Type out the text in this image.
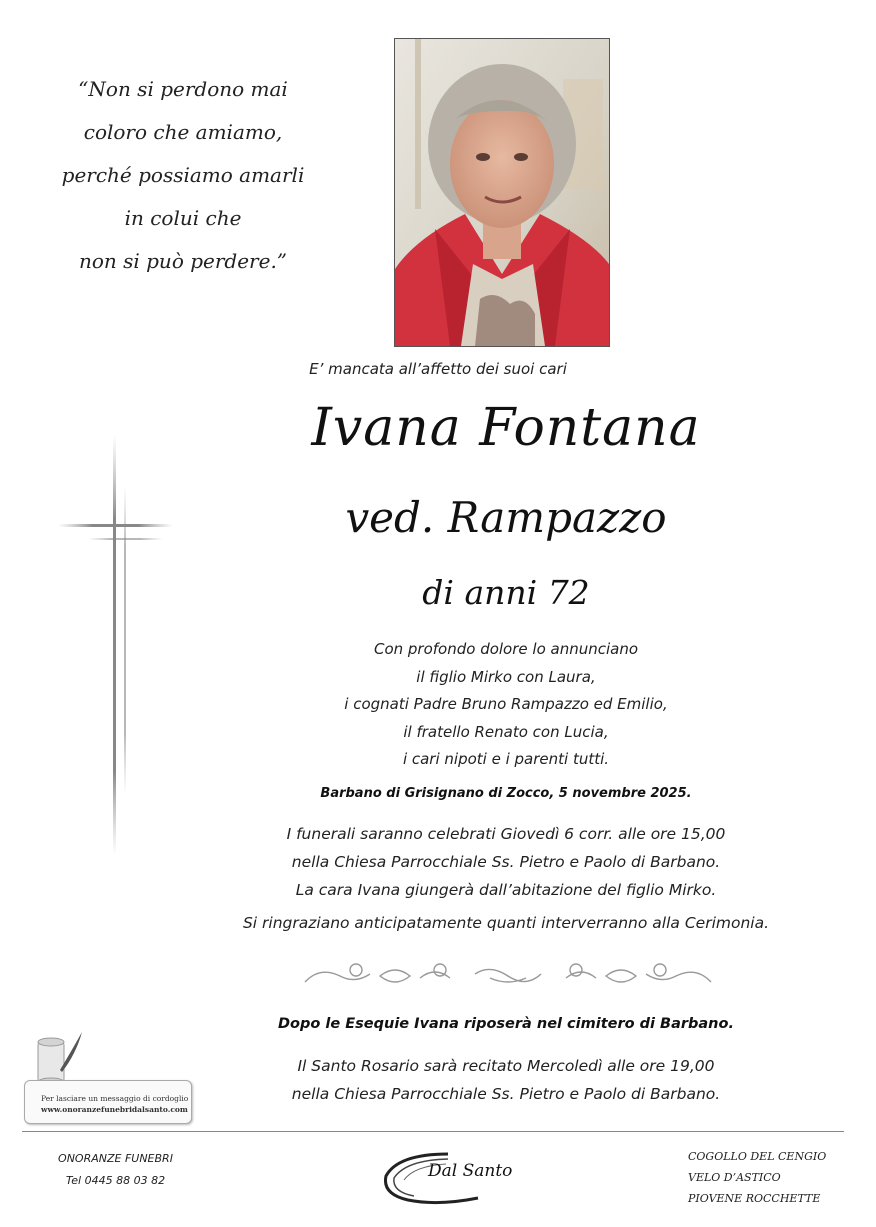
“Non si perdono mai
coloro che amiamo,
perché possiamo amarli
in colui che
non si può perdere.”
E’ mancata all’affetto dei suoi cari
Ivana Fontana
ved. Rampazzo
di anni 72
Con profondo dolore lo annunciano
il figlio Mirko con Laura,
i cognati Padre Bruno Rampazzo ed Emilio,
il fratello Renato con Lucia,
i cari nipoti e i parenti tutti.
Barbano di Grisignano di Zocco, 5 novembre 2025.
I funerali saranno celebrati Giovedì 6 corr. alle ore 15,00
nella Chiesa Parrocchiale Ss. Pietro e Paolo di Barbano.
La cara Ivana giungerà dall’abitazione del figlio Mirko.
Si ringraziano anticipatamente quanti interverranno alla Cerimonia.
Dopo le Esequie Ivana riposerà nel cimitero di Barbano.
Il Santo Rosario sarà recitato Mercoledì alle ore 19,00
nella Chiesa Parrocchiale Ss. Pietro e Paolo di Barbano.
Per lasciare un messaggio di cordoglio
www.onoranzefunebridalsanto.com
ONORANZE FUNEBRI
Tel 0445 88 03 82	Dal Santo
COGOLLO DEL CENGIO
VELO D’ASTICO
PIOVENE ROCCHETTE
